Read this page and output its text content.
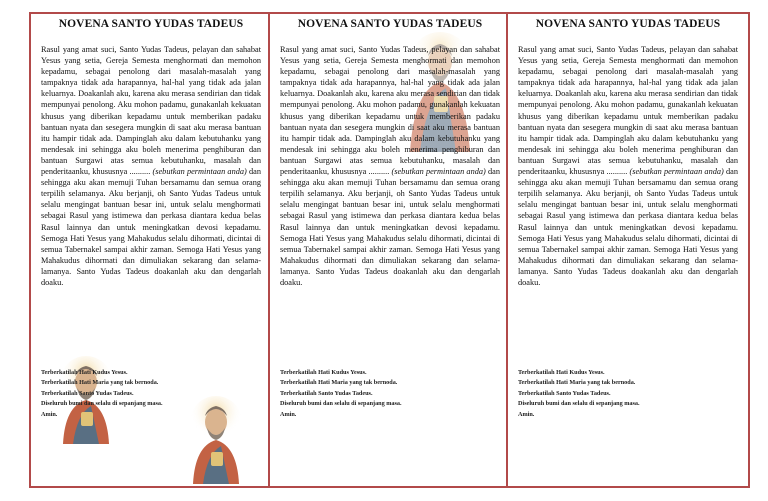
NOVENA SANTO YUDAS TADEUS

Rasul yang amat suci, Santo Yudas Tadeus, pelayan dan sahabat Yesus yang setia, Gereja Semesta menghormati dan memohon kepadamu, sebagai penolong dari masalah-masalah yang tampaknya tidak ada harapannya, hal-hal yang tidak ada jalan keluarnya. Doakanlah aku, karena aku merasa sendirian dan tidak mempunyai penolong. Aku mohon padamu, gunakanlah kekuatan khusus yang diberikan kepadamu untuk memberikan padaku bantuan nyata dan sesegera mungkin di saat aku merasa bantuan itu hampir tidak ada. Dampinglah aku dalam kebutuhanku yang mendesak ini sehingga aku boleh menerima penghiburan dan bantuan Surgawi atas semua kebutuhanku, masalah dan penderitaanku, khususnya .......... (sebutkan permintaan anda) dan sehingga aku akan memuji Tuhan bersamamu dan semua orang terpilih selamanya. Aku berjanji, oh Santo Yudas Tadeus untuk selalu mengingat bantuan besar ini, untuk selalu menghormati sebagai Rasul yang istimewa dan perkasa diantara kedua belas Rasul lainnya dan untuk meningkatkan devosi kepadamu. Semoga Hati Yesus yang Mahakudus selalu dihormati, dicintai di semua Tabernakel sampai akhir zaman. Semoga Hati Yesus yang Mahakudus dihormati dan dimuliakan sekarang dan selama-lamanya. Santo Yudas Tadeus doakanlah aku dan dengarlah doaku.

Terberkatilah Hati Kudus Yesus.
Terberkatilah Hati Maria yang tak bernoda.
Terberkatilah Santo Yudas Tadeus.
Diseluruh bumi dan selalu di sepanjang masa.
Amin.
NOVENA SANTO YUDAS TADEUS

Rasul yang amat suci, Santo Yudas Tadeus, pelayan dan sahabat Yesus yang setia, Gereja Semesta menghormati dan memohon kepadamu, sebagai penolong dari masalah-masalah yang tampaknya tidak ada harapannya, hal-hal yang tidak ada jalan keluarnya. Doakanlah aku, karena aku merasa sendirian dan tidak mempunyai penolong. Aku mohon padamu, gunakanlah kekuatan khusus yang diberikan kepadamu untuk memberikan padaku bantuan nyata dan sesegera mungkin di saat aku merasa bantuan itu hampir tidak ada. Dampinglah aku dalam kebutuhanku yang mendesak ini sehingga aku boleh menerima penghiburan dan bantuan Surgawi atas semua kebutuhanku, masalah dan penderitaanku, khususnya .......... (sebutkan permintaan anda) dan sehingga aku akan memuji Tuhan bersamamu dan semua orang terpilih selamanya. Aku berjanji, oh Santo Yudas Tadeus untuk selalu mengingat bantuan besar ini, untuk selalu menghormati sebagai Rasul yang istimewa dan perkasa diantara kedua belas Rasul lainnya dan untuk meningkatkan devosi kepadamu. Semoga Hati Yesus yang Mahakudus selalu dihormati, dicintai di semua Tabernakel sampai akhir zaman. Semoga Hati Yesus yang Mahakudus dihormati dan dimuliakan sekarang dan selama-lamanya. Santo Yudas Tadeus doakanlah aku dan dengarlah doaku.

Terberkatilah Hati Kudus Yesus.
Terberkatilah Hati Maria yang tak bernoda.
Terberkatilah Santo Yudas Tadeus.
Diseluruh bumi dan selalu di sepanjang masa.
Amin.
NOVENA SANTO YUDAS TADEUS

Rasul yang amat suci, Santo Yudas Tadeus, pelayan dan sahabat Yesus yang setia, Gereja Semesta menghormati dan memohon kepadamu, sebagai penolong dari masalah-masalah yang tampaknya tidak ada harapannya, hal-hal yang tidak ada jalan keluarnya. Doakanlah aku, karena aku merasa sendirian dan tidak mempunyai penolong. Aku mohon padamu, gunakanlah kekuatan khusus yang diberikan kepadamu untuk memberikan padaku bantuan nyata dan sesegera mungkin di saat aku merasa bantuan itu hampir tidak ada. Dampinglah aku dalam kebutuhanku yang mendesak ini sehingga aku boleh menerima penghiburan dan bantuan Surgawi atas semua kebutuhanku, masalah dan penderitaanku, khususnya .......... (sebutkan permintaan anda) dan sehingga aku akan memuji Tuhan bersamamu dan semua orang terpilih selamanya. Aku berjanji, oh Santo Yudas Tadeus untuk selalu mengingat bantuan besar ini, untuk selalu menghormati sebagai Rasul yang istimewa dan perkasa diantara kedua belas Rasul lainnya dan untuk meningkatkan devosi kepadamu. Semoga Hati Yesus yang Mahakudus selalu dihormati, dicintai di semua Tabernakel sampai akhir zaman. Semoga Hati Yesus yang Mahakudus dihormati dan dimuliakan sekarang dan selama-lamanya. Santo Yudas Tadeus doakanlah aku dan dengarlah doaku.

Terberkatilah Hati Kudus Yesus.
Terberkatilah Hati Maria yang tak bernoda.
Terberkatilah Santo Yudas Tadeus.
Diseluruh bumi dan selalu di sepanjang masa.
Amin.
